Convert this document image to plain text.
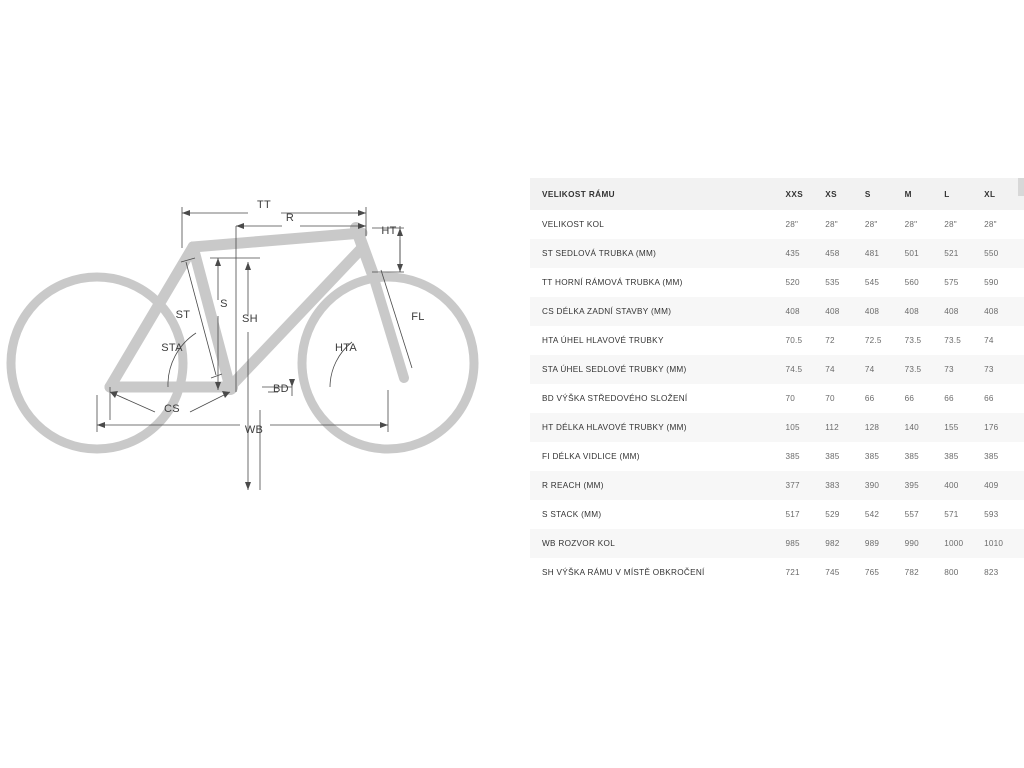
TT
R
HT
S
ST	SH	FL
STA	HTA
BD
CS
WB
VELIKOST RÁMU	XXS	XS	S	M	L	XL
VELIKOST KOL	28"	28"	28"	28"	28"	28"
ST SEDLOVÁ TRUBKA (MM)	435	458	481	501	521	550
TT HORNÍ RÁMOVÁ TRUBKA (MM)	520	535	545	560	575	590
CS DÉLKA ZADNÍ STAVBY (MM)	408	408	408	408	408	408
HTA ÚHEL HLAVOVÉ TRUBKY	70.5	72	72.5	73.5	73.5	74
STA ÚHEL SEDLOVÉ TRUBKY (MM)	74.5	74	74	73.5	73	73
BD VÝŠKA STŘEDOVÉHO SLOŽENÍ	70	70	66	66	66	66
HT DÉLKA HLAVOVÉ TRUBKY (MM)	105	112	128	140	155	176
FI DÉLKA VIDLICE (MM)	385	385	385	385	385	385
R REACH (MM)	377	383	390	395	400	409
S STACK (MM)	517	529	542	557	571	593
WB ROZVOR KOL	985	982	989	990	1000	1010
SH VÝŠKA RÁMU V MÍSTĚ OBKROČENÍ	721	745	765	782	800	823
